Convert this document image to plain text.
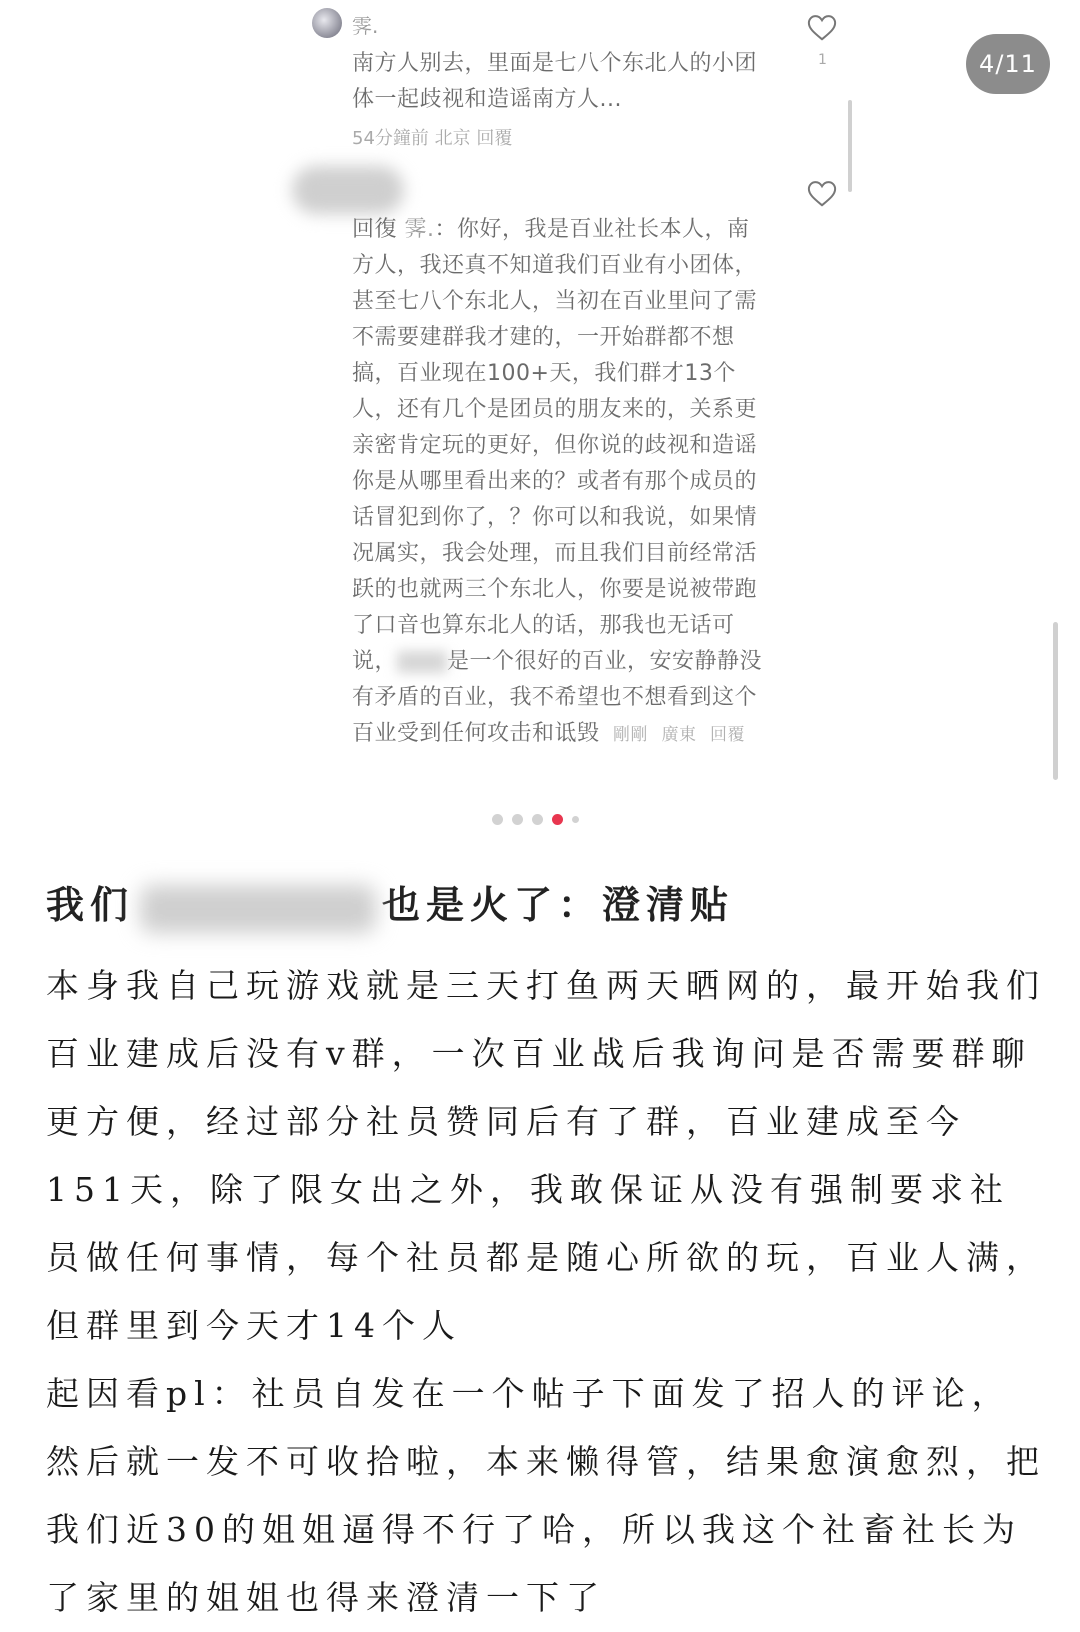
霁.
南方人别去，里面是七八个东北人的小团体一起歧视和造谣南方人...
54分鐘前 北京 回覆
1
回復 霁.：你好，我是百业社长本人，南方人，我还真不知道我们百业有小团体，甚至七八个东北人，当初在百业里问了需不需要建群我才建的，一开始群都不想搞，百业现在100+天，我们群才13个人，还有几个是团员的朋友来的，关系更亲密肯定玩的更好，但你说的歧视和造谣你是从哪里看出来的？或者有那个成员的话冒犯到你了，？你可以和我说，如果情况属实，我会处理，而且我们目前经常活跃的也就两三个东北人，你要是说被带跑了口音也算东北人的话，那我也无话可说， 是一个很好的百业，安安静静没有矛盾的百业，我不希望也不想看到这个百业受到任何攻击和诋毁 剛剛 廣東 回覆
4/11
我们	也是火了：澄清贴

本身我自己玩游戏就是三天打鱼两天晒网的，最开始我们百业建成后没有v群，一次百业战后我询问是否需要群聊更方便，经过部分社员赞同后有了群，百业建成至今151天，除了限女出之外，我敢保证从没有强制要求社员做任何事情，每个社员都是随心所欲的玩，百业人满，但群里到今天才14个人

起因看pl：社员自发在一个帖子下面发了招人的评论，然后就一发不可收拾啦，本来懒得管，结果愈演愈烈，把我们近30的姐姐逼得不行了哈，所以我这个社畜社长为了家里的姐姐也得来澄清一下了
